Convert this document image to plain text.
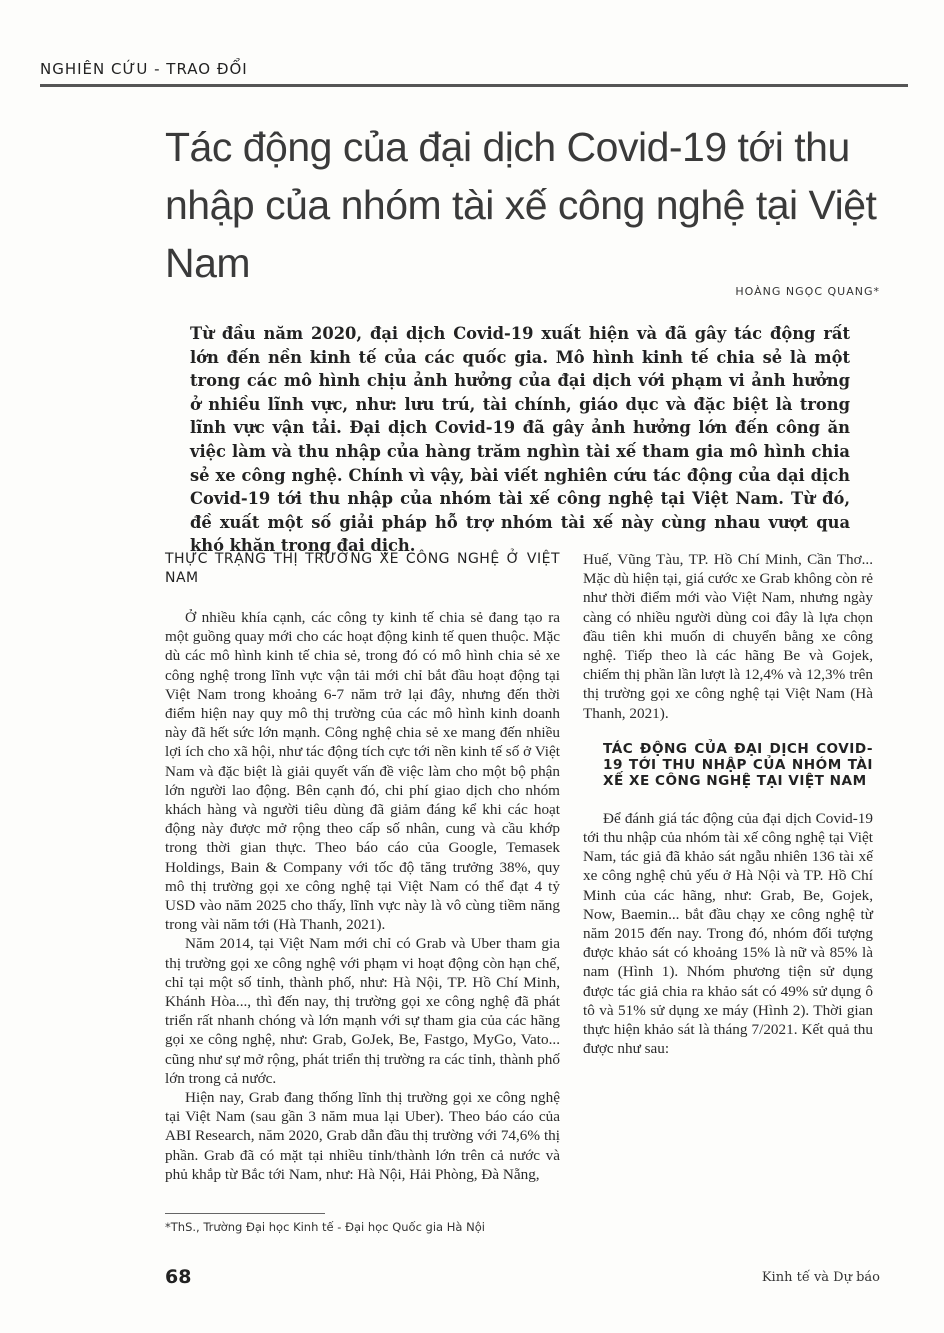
NGHIÊN CỨU - TRAO ĐỔI
Tác động của đại dịch Covid-19 tới thu nhập của nhóm tài xế công nghệ tại Việt Nam
HOÀNG NGỌC QUANG*

Từ đầu năm 2020, đại dịch Covid-19 xuất hiện và đã gây tác động rất lớn đến nền kinh tế của các quốc gia. Mô hình kinh tế chia sẻ là một trong các mô hình chịu ảnh hưởng của đại dịch với phạm vi ảnh hưởng ở nhiều lĩnh vực, như: lưu trú, tài chính, giáo dục và đặc biệt là trong lĩnh vực vận tải. Đại dịch Covid-19 đã gây ảnh hưởng lớn đến công ăn việc làm và thu nhập của hàng trăm nghìn tài xế tham gia mô hình chia sẻ xe công nghệ. Chính vì vậy, bài viết nghiên cứu tác động của dại dịch Covid-19 tới thu nhập của nhóm tài xế công nghệ tại Việt Nam. Từ đó, đề xuất một số giải pháp hỗ trợ nhóm tài xế này cùng nhau vượt qua khó khăn trong đại dịch.

THỰC TRẠNG THỊ TRƯỜNG XE CÔNG NGHỆ Ở VIỆT NAM

Ở nhiều khía cạnh, các công ty kinh tế chia sẻ đang tạo ra một guồng quay mới cho các hoạt động kinh tế quen thuộc. Mặc dù các mô hình kinh tế chia sẻ, trong đó có mô hình chia sẻ xe công nghệ trong lĩnh vực vận tải mới chỉ bắt đầu hoạt động tại Việt Nam trong khoảng 6-7 năm trở lại đây, nhưng đến thời điểm hiện nay quy mô thị trường của các mô hình kinh doanh này đã hết sức lớn mạnh. Công nghệ chia sẻ xe mang đến nhiều lợi ích cho xã hội, như tác động tích cực tới nền kinh tế số ở Việt Nam và đặc biệt là giải quyết vấn đề việc làm cho một bộ phận lớn người lao động. Bên cạnh đó, chi phí giao dịch cho nhóm khách hàng và người tiêu dùng đã giảm đáng kể khi các hoạt động này được mở rộng theo cấp số nhân, cung và cầu khớp trong thời gian thực. Theo báo cáo của Google, Temasek Holdings, Bain & Company với tốc độ tăng trưởng 38%, quy mô thị trường gọi xe công nghệ tại Việt Nam có thể đạt 4 tỷ USD vào năm 2025 cho thấy, lĩnh vực này là vô cùng tiềm năng trong vài năm tới (Hà Thanh, 2021).

Năm 2014, tại Việt Nam mới chỉ có Grab và Uber tham gia thị trường gọi xe công nghệ với phạm vi hoạt động còn hạn chế, chỉ tại một số tỉnh, thành phố, như: Hà Nội, TP. Hồ Chí Minh, Khánh Hòa..., thì đến nay, thị trường gọi xe công nghệ đã phát triển rất nhanh chóng và lớn mạnh với sự tham gia của các hãng gọi xe công nghệ, như: Grab, GoJek, Be, Fastgo, MyGo, Vato... cũng như sự mở rộng, phát triển thị trường ra các tỉnh, thành phố lớn trong cả nước.

Hiện nay, Grab đang thống lĩnh thị trường gọi xe công nghệ tại Việt Nam (sau gần 3 năm mua lại Uber). Theo báo cáo của ABI Research, năm 2020, Grab dẫn đầu thị trường với 74,6% thị phần. Grab đã có mặt tại nhiều tỉnh/thành lớn trên cả nước và phủ khắp từ Bắc tới Nam, như: Hà Nội, Hải Phòng, Đà Nẵng,

Huế, Vũng Tàu, TP. Hồ Chí Minh, Cần Thơ... Mặc dù hiện tại, giá cước xe Grab không còn rẻ như thời điểm mới vào Việt Nam, nhưng ngày càng có nhiều người dùng coi đây là lựa chọn đầu tiên khi muốn di chuyển bằng xe công nghệ. Tiếp theo là các hãng Be và Gojek, chiếm thị phần lần lượt là 12,4% và 12,3% trên thị trường gọi xe công nghệ tại Việt Nam (Hà Thanh, 2021).

TÁC ĐỘNG CỦA ĐẠI DỊCH COVID-19 TỚI THU NHẬP CỦA NHÓM TÀI XẾ XE CÔNG NGHỆ TẠI VIỆT NAM

Để đánh giá tác động của đại dịch Covid-19 tới thu nhập của nhóm tài xế công nghệ tại Việt Nam, tác giả đã khảo sát ngẫu nhiên 136 tài xế xe công nghệ chủ yếu ở Hà Nội và TP. Hồ Chí Minh của các hãng, như: Grab, Be, Gojek, Now, Baemin... bắt đầu chạy xe công nghệ từ năm 2015 đến nay. Trong đó, nhóm đối tượng được khảo sát có khoảng 15% là nữ và 85% là nam (Hình 1). Nhóm phương tiện sử dụng được tác giả chia ra khảo sát có 49% sử dụng ô tô và 51% sử dụng xe máy (Hình 2). Thời gian thực hiện khảo sát là tháng 7/2021. Kết quả thu được như sau:

*ThS., Trường Đại học Kinh tế - Đại học Quốc gia Hà Nội
68	Kinh tế và Dự báo
